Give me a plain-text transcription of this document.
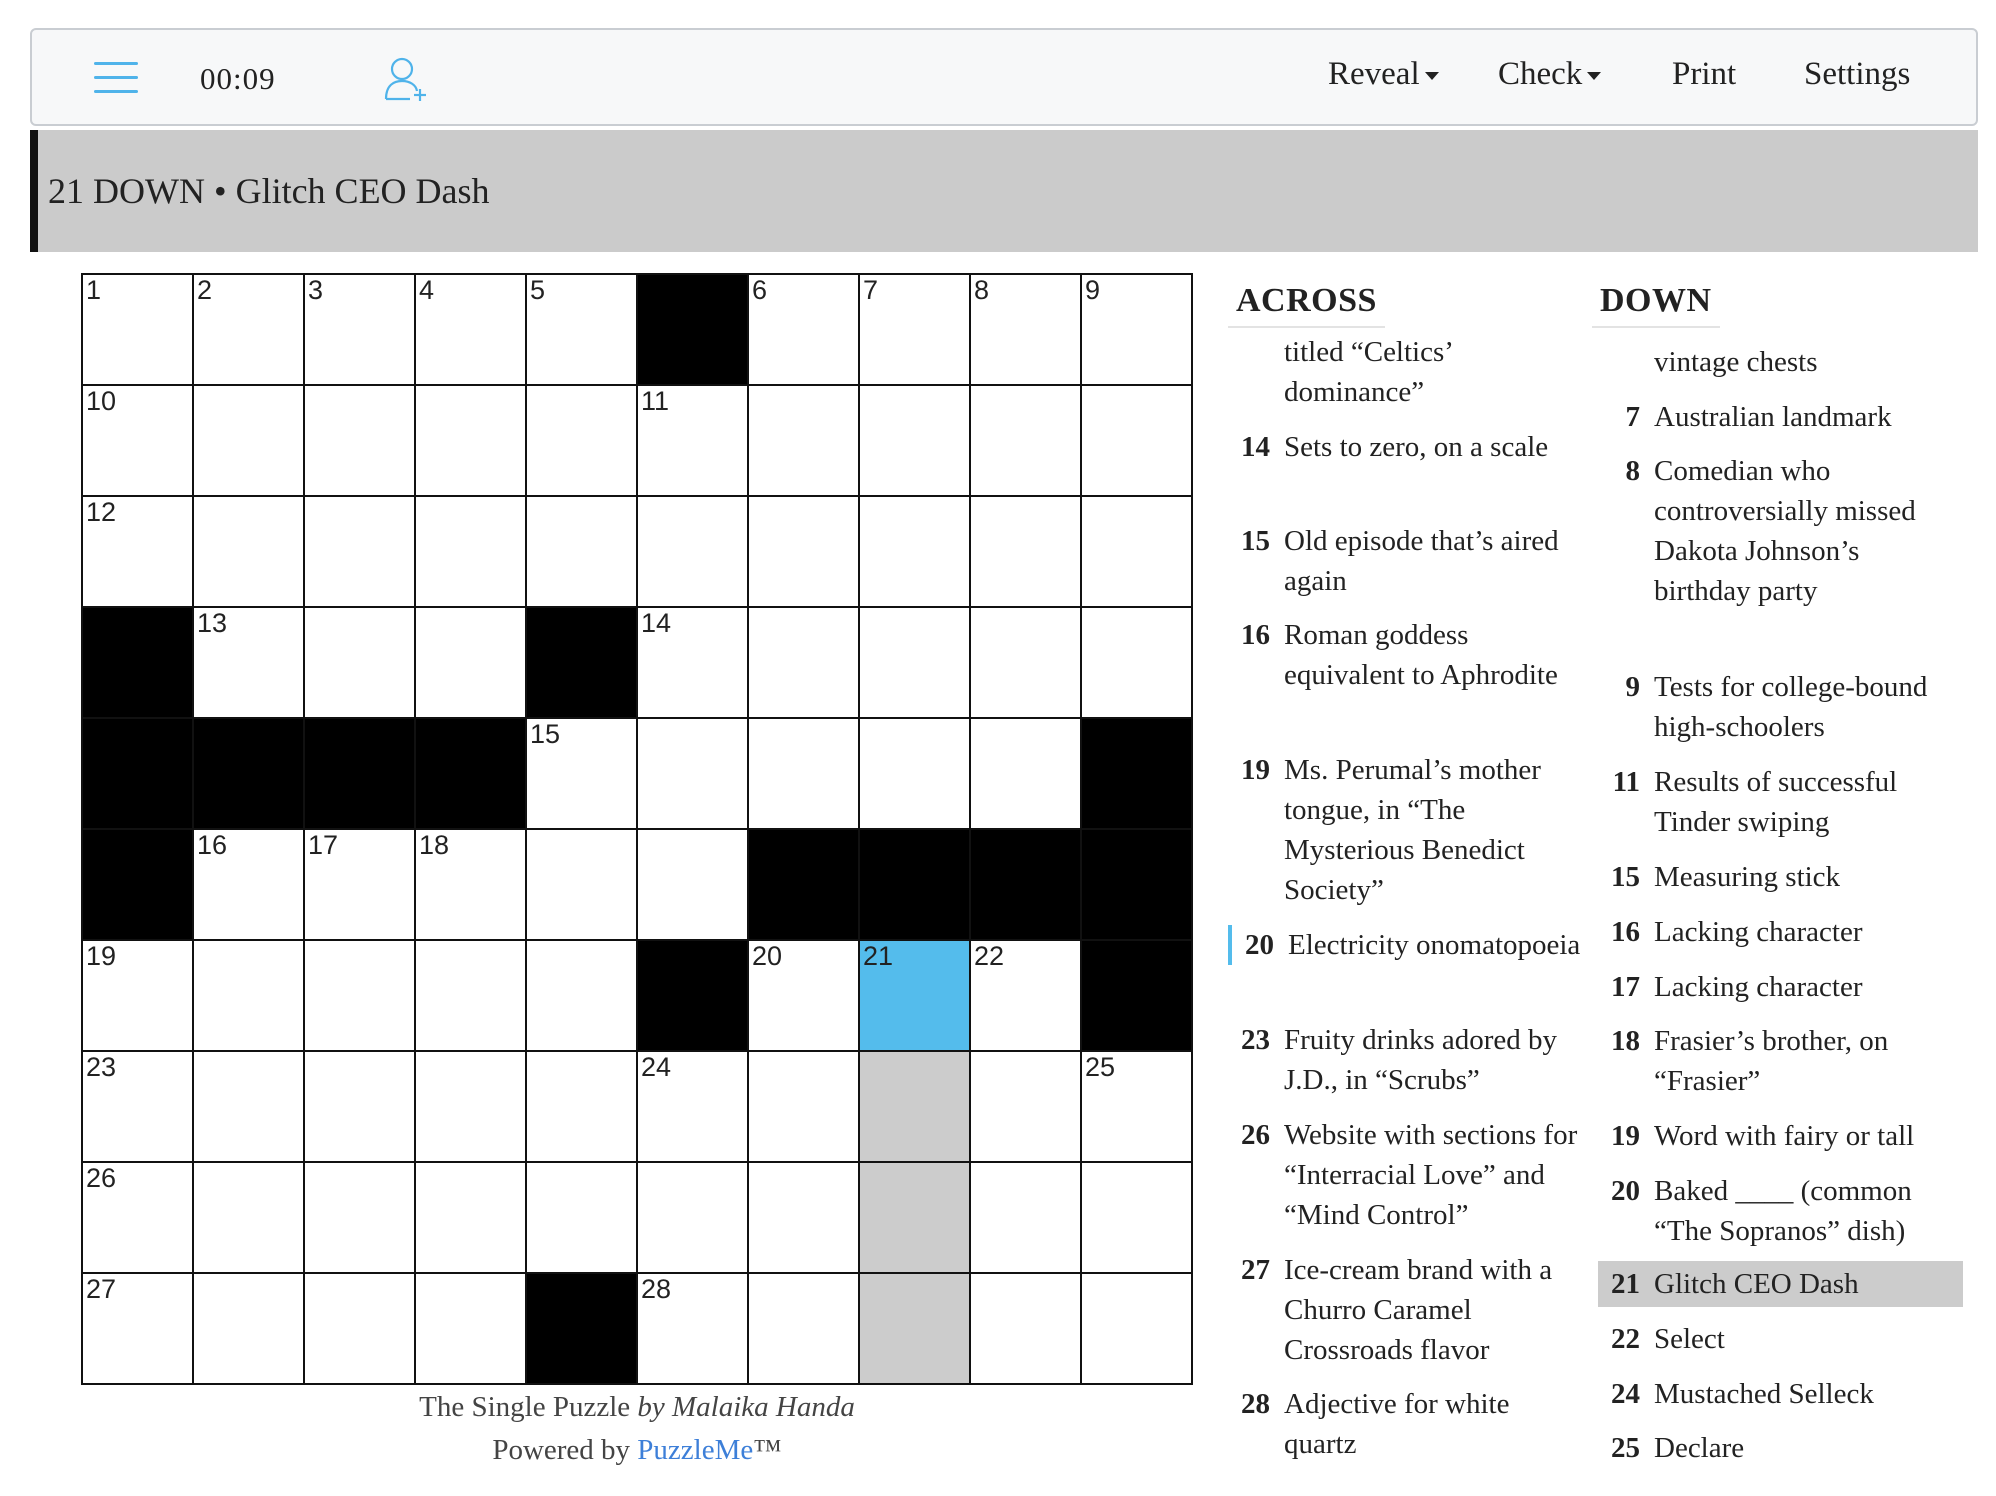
00:09	Reveal	Check	Print Settings
21 DOWN • Glitch CEO Dash
1	2	3	4	5	6	7	8	9
10	11
12
13	14
15
16	17	18
19	20	21	22
23	24	25
26
27	28
The Single Puzzle by Malaika Handa
Powered by PuzzleMe™
ACROSS
titled “Celtics’ dominance”
14 Sets to zero, on a scale
15 Old episode that’s aired again
16 Roman goddess equivalent to Aphrodite
19 Ms. Perumal’s mother tongue, in “The Mysterious Benedict Society”
20 Electricity onomatopoeia
23 Fruity drinks adored by J.D., in “Scrubs”
26 Website with sections for “Interracial Love” and “Mind Control”
27 Ice-cream brand with a Churro Caramel Crossroads flavor
28 Adjective for white quartz
DOWN
vintage chests
7 Australian landmark
8 Comedian who controversially missed Dakota Johnson’s birthday party
9 Tests for college-bound high-schoolers
11 Results of successful Tinder swiping
15 Measuring stick
16 Lacking character
17 Lacking character
18 Frasier’s brother, on “Frasier”
19 Word with fairy or tall
20 Baked ____ (common “The Sopranos” dish)
21 Glitch CEO Dash
22 Select
24 Mustached Selleck
25 Declare
